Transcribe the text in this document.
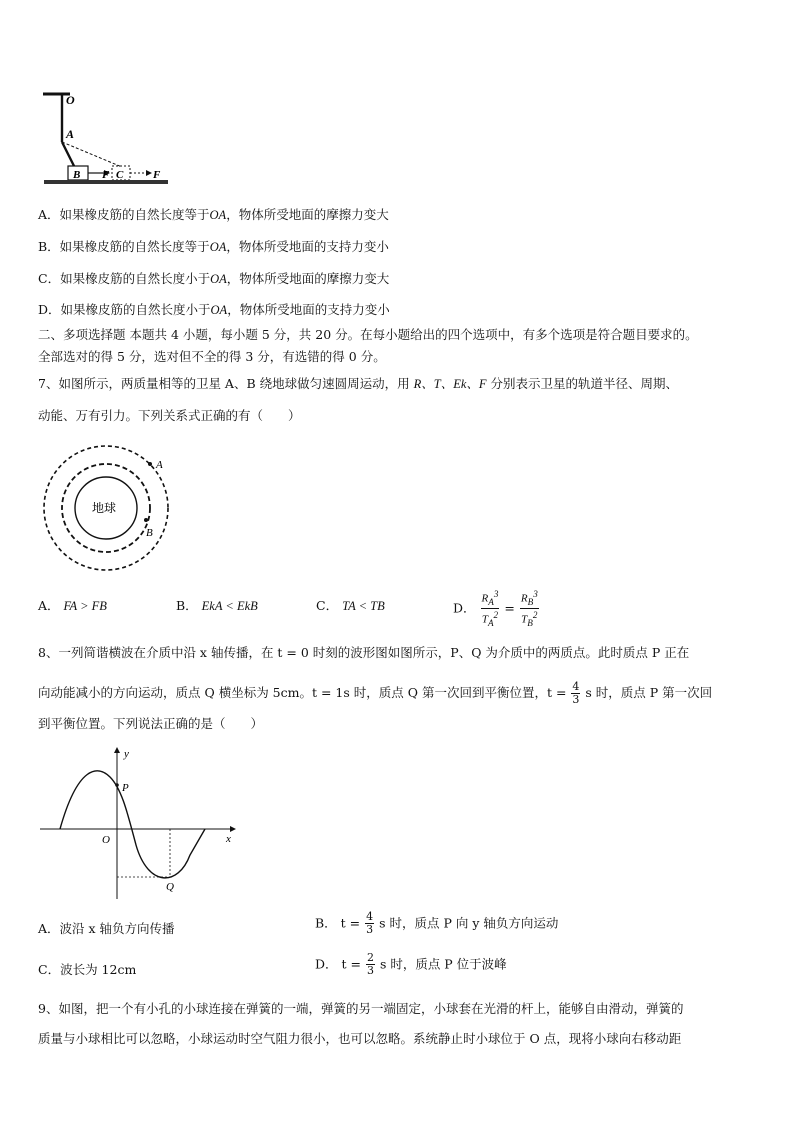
O
A
B F C	F
A．如果橡皮筋的自然长度等于OA，物体所受地面的摩擦力变大
B．如果橡皮筋的自然长度等于OA，物体所受地面的支持力变小
C．如果橡皮筋的自然长度小于OA，物体所受地面的摩擦力变大
D．如果橡皮筋的自然长度小于OA，物体所受地面的支持力变小
二、多项选择题 本题共 4 小题，每小题 5 分，共 20 分。在每小题给出的四个选项中，有多个选项是符合题目要求的。
全部选对的得 5 分，选对但不全的得 3 分，有选错的得 0 分。
7、如图所示，两质量相等的卫星 A、B 绕地球做匀速圆周运动，用 R、T、Ek、F 分别表示卫星的轨道半径、周期、
动能、万有引力。下列关系式正确的有（　　）
地球
A
B
A． FA > FB	B． EkA < EkB	C． TA < TB	D． $\frac{R_A^3}{T_A^2} = \frac{R_B^3}{T_B^2}$
8、一列简谐横波在介质中沿 x 轴传播，在 t = 0 时刻的波形图如图所示，P、Q 为介质中的两质点。此时质点 P 正在
向动能减小的方向运动，质点 Q 横坐标为 5cm。t = 1s 时，质点 Q 第一次回到平衡位置，$t = \frac{4}{3}$ s 时，质点 P 第一次回
到平衡位置。下列说法正确的是（　　）
y
x
O
P
Q
A．波沿 x 轴负方向传播	B． $t = \frac{4}{3}$ s 时，质点 P 向 y 轴负方向运动
C．波长为 12cm	D． $t = \frac{2}{3}$ s 时，质点 P 位于波峰
9、如图，把一个有小孔的小球连接在弹簧的一端，弹簧的另一端固定，小球套在光滑的杆上，能够自由滑动，弹簧的
质量与小球相比可以忽略，小球运动时空气阻力很小，也可以忽略。系统静止时小球位于 O 点，现将小球向右移动距
